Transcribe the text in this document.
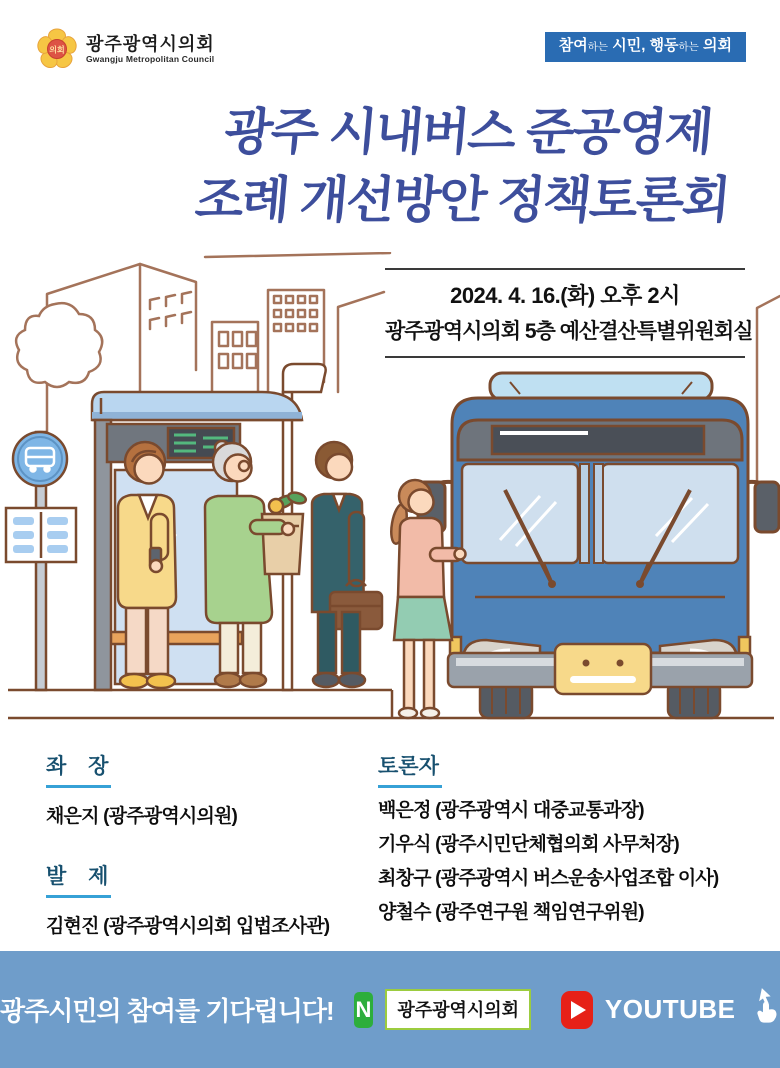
의회 광주광역시의회
Gwangju Metropolitan Council
참여하는 시민, 행동하는 의회
광주 시내버스 준공영제
조례 개선방안 정책토론회
2024. 4. 16.(화) 오후 2시
광주광역시의회 5층 예산결산특별위원회실
좌 장
채은지 (광주광역시의원)
발 제
김현진 (광주광역시의회 입법조사관)
토론자
백은정 (광주광역시 대중교통과장)
기우식 (광주시민단체협의회 사무처장)
최창구 (광주광역시 버스운송사업조합 이사)
양철수 (광주연구원 책임연구위원)
광주시민의 참여를 기다립니다! N	광주광역시의회	YOUTUBE
